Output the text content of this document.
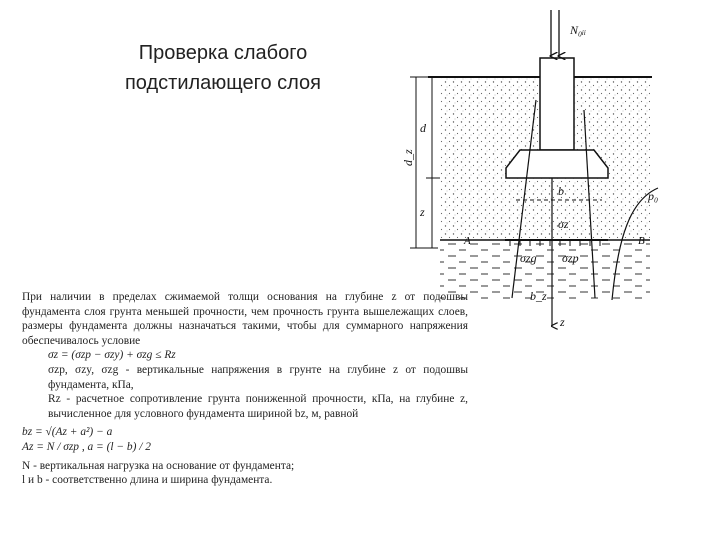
Проверка слабого
подстилающего слоя
N₀ᵢᵢ
z
d_z
d
z
b
σz
σzg σzp
p₀
A	B
b_z
При наличии в пределах сжимаемой толщи основания на глубине z от подошвы фундамента слоя грунта меньшей прочности, чем прочность грунта вышележащих слоев, размеры фундамента должны назначаться такими, чтобы для суммарного напряжения обеспечивалось условие
σz = (σzp − σzy) + σzg ≤ Rz
σzp, σzy, σzg - вертикальные напряжения в грунте на глубине z от подошвы фундамента, кПа,
Rz - расчетное сопротивление грунта пониженной прочности, кПа, на глубине z, вычисленное для условного фундамента шириной bz, м, равной
bz = √(Az + a²) − a
Az = N / σzp , a = (l − b) / 2
N - вертикальная нагрузка на основание от фундамента;
l и b - соответственно длина и ширина фундамента.
